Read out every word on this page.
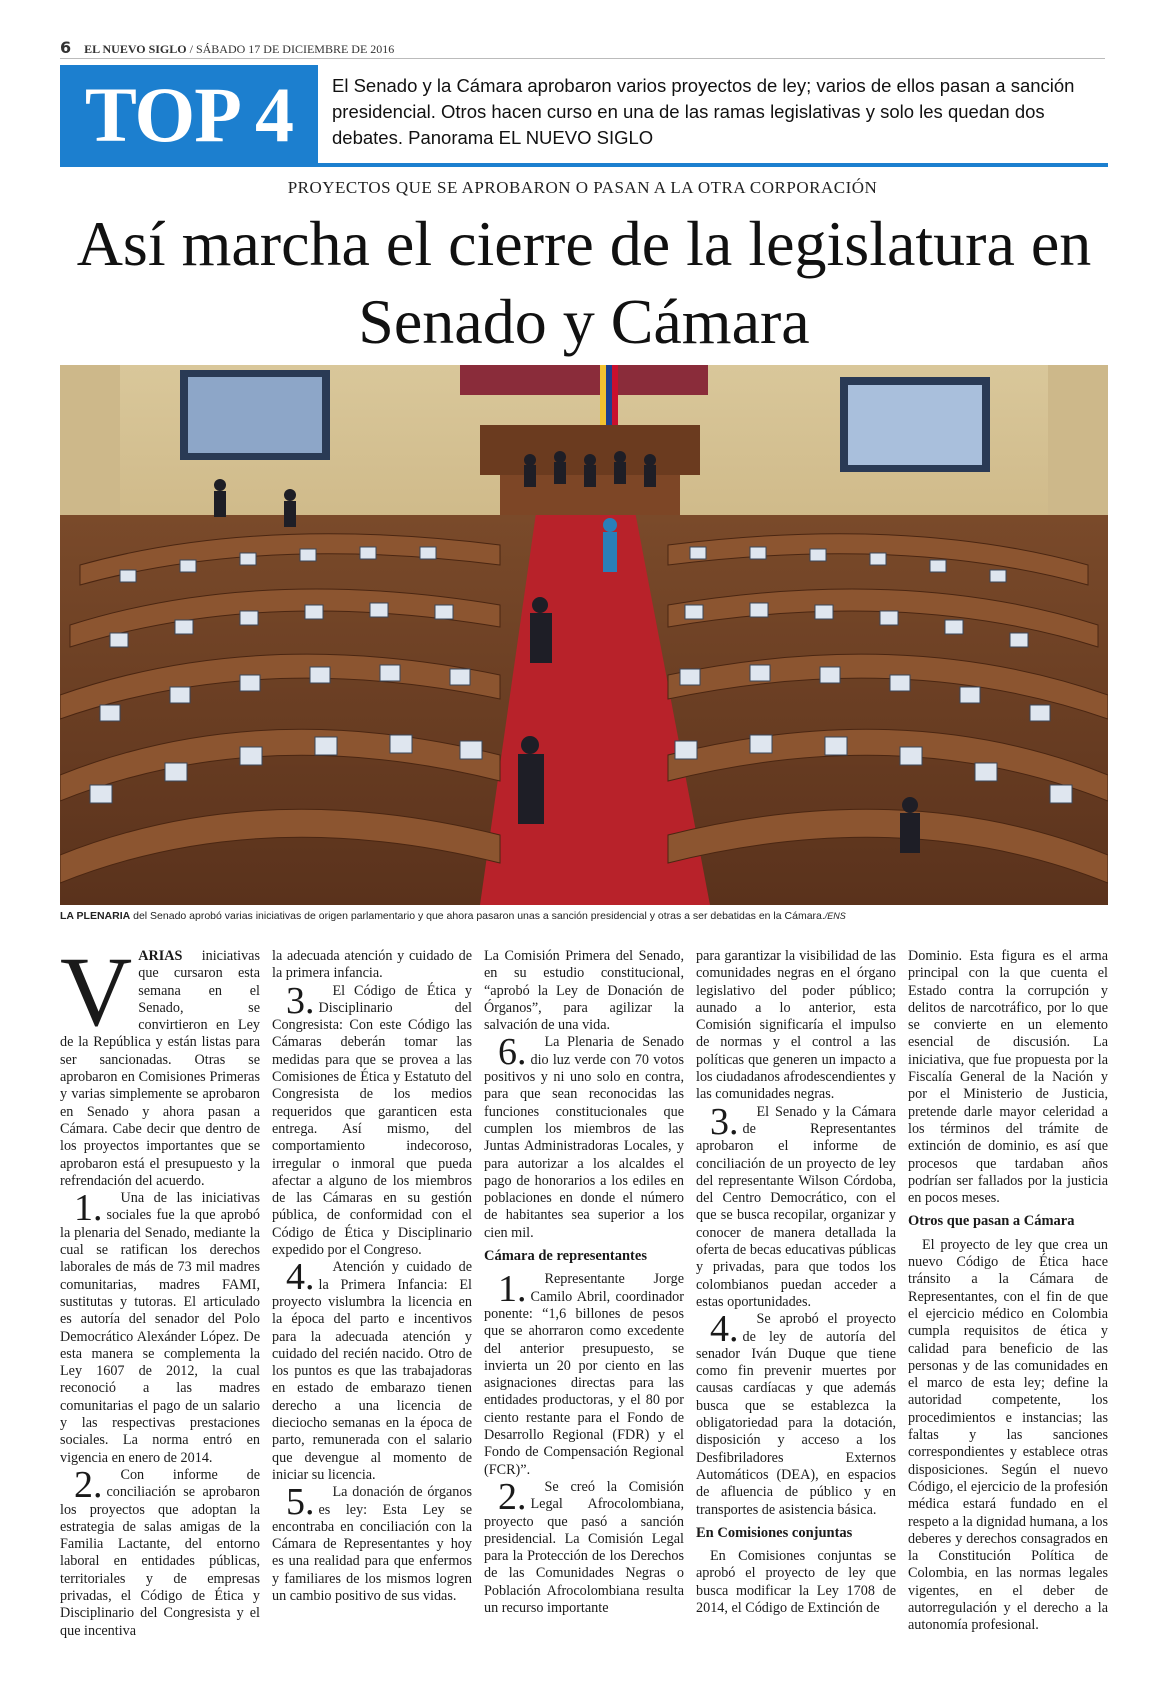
6 EL NUEVO SIGLO / SÁBADO 17 DE DICIEMBRE DE 2016
TOP 4	El Senado y la Cámara aprobaron varios proyectos de ley; varios de ellos pasan a sanción presidencial. Otros hacen curso en una de las ramas legislativas y solo les quedan dos debates. Panorama EL NUEVO SIGLO
PROYECTOS QUE SE APROBARON O PASAN A LA OTRA CORPORACIÓN
Así marcha el cierre de la legislatura en
Senado y Cámara
LA PLENARIA del Senado aprobó varias iniciativas de origen parlamentario y que ahora pasaron unas a sanción presidencial y otras a ser debatidas en la Cámara./ENS

VARIAS iniciativas que cursaron esta semana en el Senado, se convirtieron en Ley de la República y están listas para ser sancionadas. Otras se aprobaron en Comisiones Primeras y varias simplemente se aprobaron en Senado y ahora pasan a Cámara. Cabe decir que dentro de los proyectos importantes que se aprobaron está el presupuesto y la refrendación del acuerdo.

1. Una de las iniciativas sociales fue la que aprobó la plenaria del Senado, mediante la cual se ratifican los derechos laborales de más de 73 mil madres comunitarias, madres FAMI, sustitutas y tutoras. El articulado es autoría del senador del Polo Democrático Alexánder López. De esta manera se complementa la Ley 1607 de 2012, la cual reconoció a las madres comunitarias el pago de un salario y las respectivas prestaciones sociales. La norma entró en vigencia en enero de 2014.

2. Con informe de conciliación se aprobaron los proyectos que adoptan la estrategia de salas amigas de la Familia Lactante, del entorno laboral en entidades públicas, territoriales y de empresas privadas, el Código de Ética y Disciplinario del Congresista y el que incentiva

la adecuada atención y cuidado de la primera infancia.

3. El Código de Ética y Disciplinario del Congresista: Con este Código las Cámaras deberán tomar las medidas para que se provea a las Comisiones de Ética y Estatuto del Congresista de los medios requeridos que garanticen esta entrega. Así mismo, del comportamiento indecoroso, irregular o inmoral que pueda afectar a alguno de los miembros de las Cámaras en su gestión pública, de conformidad con el Código de Ética y Disciplinario expedido por el Congreso.

4. Atención y cuidado de la Primera Infancia: El proyecto vislumbra la licencia en la época del parto e incentivos para la adecuada atención y cuidado del recién nacido. Otro de los puntos es que las trabajadoras en estado de embarazo tienen derecho a una licencia de dieciocho semanas en la época de parto, remunerada con el salario que devengue al momento de iniciar su licencia.

5. La donación de órganos es ley: Esta Ley se encontraba en conciliación con la Cámara de Representantes y hoy es una realidad para que enfermos y familiares de los mismos logren un cambio positivo de sus vidas.

La Comisión Primera del Senado, en su estudio constitucional, “aprobó la Ley de Donación de Órganos”, para agilizar la salvación de una vida.

6. La Plenaria de Senado dio luz verde con 70 votos positivos y ni uno solo en contra, para que sean reconocidas las funciones constitucionales que cumplen los miembros de las Juntas Administradoras Locales, y para autorizar a los alcaldes el pago de honorarios a los ediles en poblaciones en donde el número de habitantes sea superior a los cien mil.

Cámara de representantes

1. Representante Jorge Camilo Abril, coordinador ponente: “1,6 billones de pesos que se ahorraron como excedente del anterior presupuesto, se invierta un 20 por ciento en las asignaciones directas para las entidades productoras, y el 80 por ciento restante para el Fondo de Desarrollo Regional (FDR) y el Fondo de Compensación Regional (FCR)”.

2. Se creó la Comisión Legal Afrocolombiana, proyecto que pasó a sanción presidencial. La Comisión Legal para la Protección de los Derechos de las Comunidades Negras o Población Afrocolombiana resulta un recurso importante

para garantizar la visibilidad de las comunidades negras en el órgano legislativo del poder público; aunado a lo anterior, esta Comisión significaría el impulso de normas y el control a las políticas que generen un impacto a los ciudadanos afrodescendientes y las comunidades negras.

3. El Senado y la Cámara de Representantes aprobaron el informe de conciliación de un proyecto de ley del representante Wilson Córdoba, del Centro Democrático, con el que se busca recopilar, organizar y conocer de manera detallada la oferta de becas educativas públicas y privadas, para que todos los colombianos puedan acceder a estas oportunidades.

4. Se aprobó el proyecto de ley de autoría del senador Iván Duque que tiene como fin prevenir muertes por causas cardíacas y que además busca que se establezca la obligatoriedad para la dotación, disposición y acceso a los Desfibriladores Externos Automáticos (DEA), en espacios de afluencia de público y en transportes de asistencia básica.

En Comisiones conjuntas

En Comisiones conjuntas se aprobó el proyecto de ley que busca modificar la Ley 1708 de 2014, el Código de Extinción de

Dominio. Esta figura es el arma principal con la que cuenta el Estado contra la corrupción y delitos de narcotráfico, por lo que se convierte en un elemento esencial de discusión. La iniciativa, que fue propuesta por la Fiscalía General de la Nación y por el Ministerio de Justicia, pretende darle mayor celeridad a los términos del trámite de extinción de dominio, es así que procesos que tardaban años podrían ser fallados por la justicia en pocos meses.

Otros que pasan a Cámara

El proyecto de ley que crea un nuevo Código de Ética hace tránsito a la Cámara de Representantes, con el fin de que el ejercicio médico en Colombia cumpla requisitos de ética y calidad para beneficio de las personas y de las comunidades en el marco de esta ley; define la autoridad competente, los procedimientos e instancias; las faltas y las sanciones correspondientes y establece otras disposiciones. Según el nuevo Código, el ejercicio de la profesión médica estará fundado en el respeto a la dignidad humana, a los deberes y derechos consagrados en la Constitución Política de Colombia, en las normas legales vigentes, en el deber de autorregulación y el derecho a la autonomía profesional.
